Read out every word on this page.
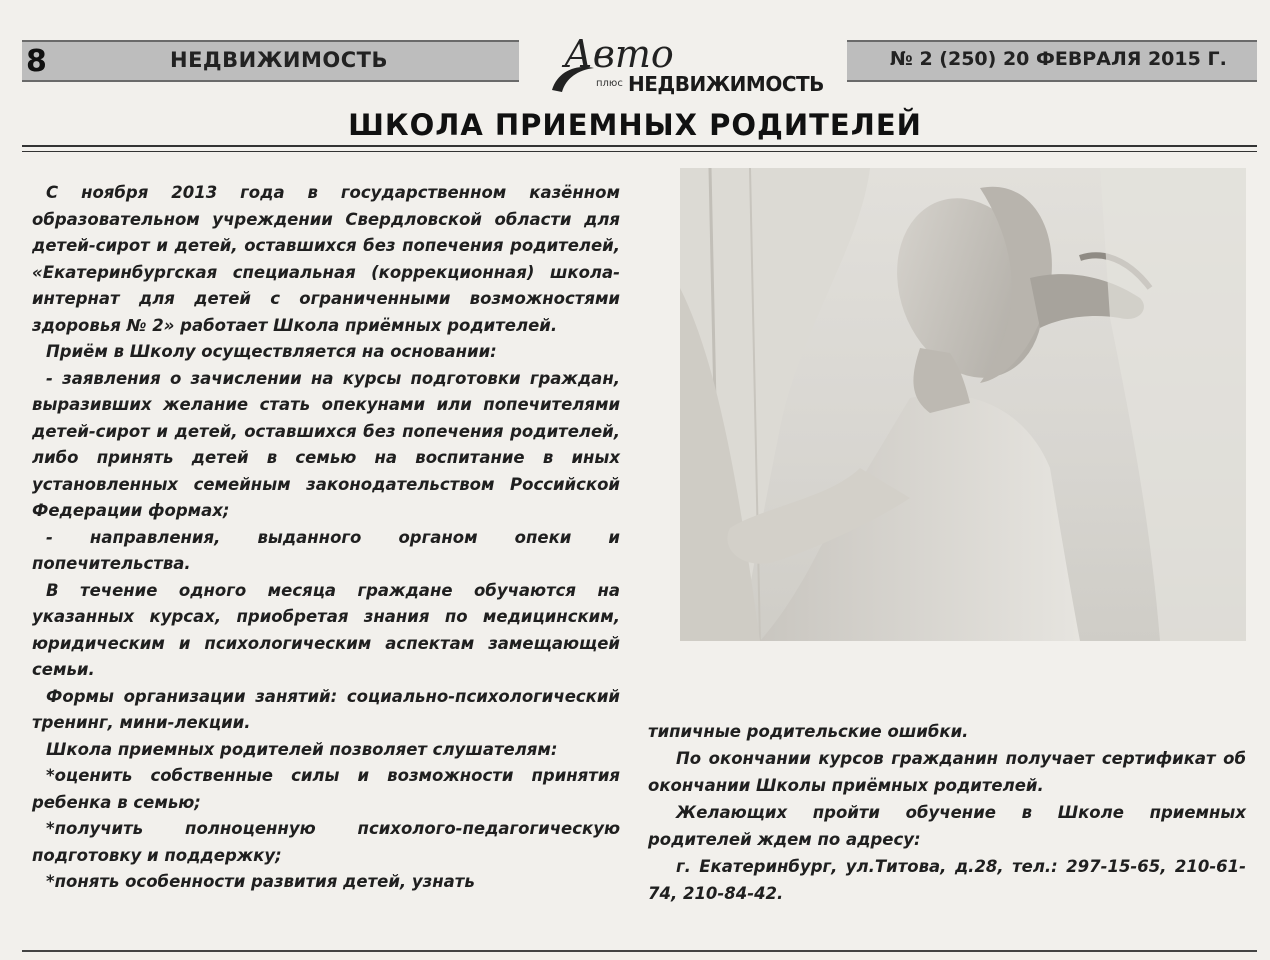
8	НЕДВИЖИМОСТЬ	Авто
плюс НЕДВИЖИМОСТЬ
№ 2 (250) 20 ФЕВРАЛЯ 2015 Г.
ШКОЛА ПРИЕМНЫХ РОДИТЕЛЕЙ

С ноября 2013 года в государственном казённом образовательном учреждении Свердловской области для детей-сирот и детей, оставшихся без попечения родителей, «Екатеринбургская специальная (коррекционная) школа-интернат для детей с ограниченными возможностями здоровья № 2» работает Школа приёмных родителей.

Приём в Школу осуществляется на основании:

- заявления о зачислении на курсы подготовки граждан, выразивших желание стать опекунами или попечителями детей-сирот и детей, оставшихся без попечения родителей, либо принять детей в семью на воспитание в иных установленных семейным законодательством Российской Федерации формах;

- направления, выданного органом опеки и попечительства.

В течение одного месяца граждане обучаются на указанных курсах, приобретая знания по медицинским, юридическим и психологическим аспектам замещающей семьи.

Формы организации занятий: социально-психологический тренинг, мини-лекции.

Школа приемных родителей позволяет слушателям:

*оценить собственные силы и возможности принятия ребенка в семью;

*получить полноценную психолого-педагогическую подготовку и поддержку;

*понять особенности развития детей, узнать

типичные родительские ошибки.

По окончании курсов гражданин получает сертификат об окончании Школы приёмных родителей.

Желающих пройти обучение в Школе приемных родителей ждем по адресу:

г. Екатеринбург, ул.Титова, д.28, тел.: 297-15-65, 210-61-74, 210-84-42.
